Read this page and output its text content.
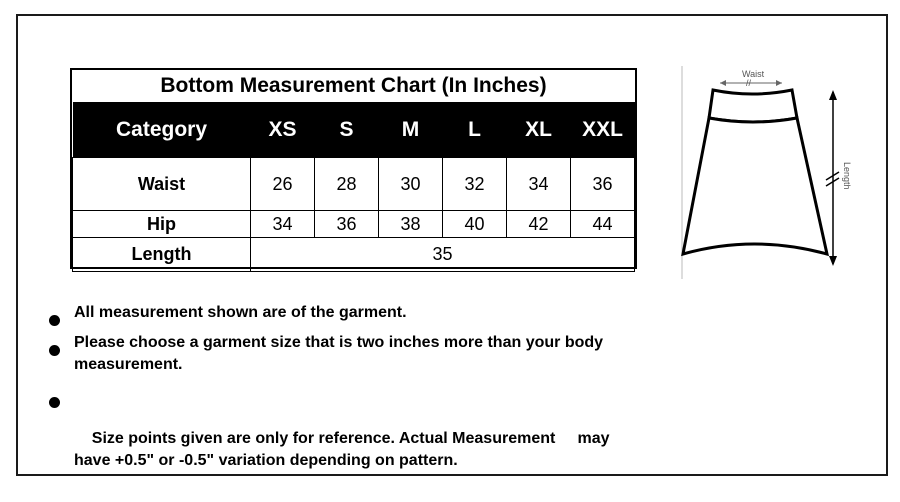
Bottom Measurement Chart (In Inches)						
Category	XS	S	M	L	XL	XXL
Waist	26	28	30	32	34	36
Hip	34	36	38	40	42	44
Length	35					
All measurement shown are of the garment.
Please choose a garment size that is two inches more than your body measurement.

Size points given are only for reference. Actual Measurement     may have +0.5" or -0.5" variation depending on pattern.

Waist
//
Length
